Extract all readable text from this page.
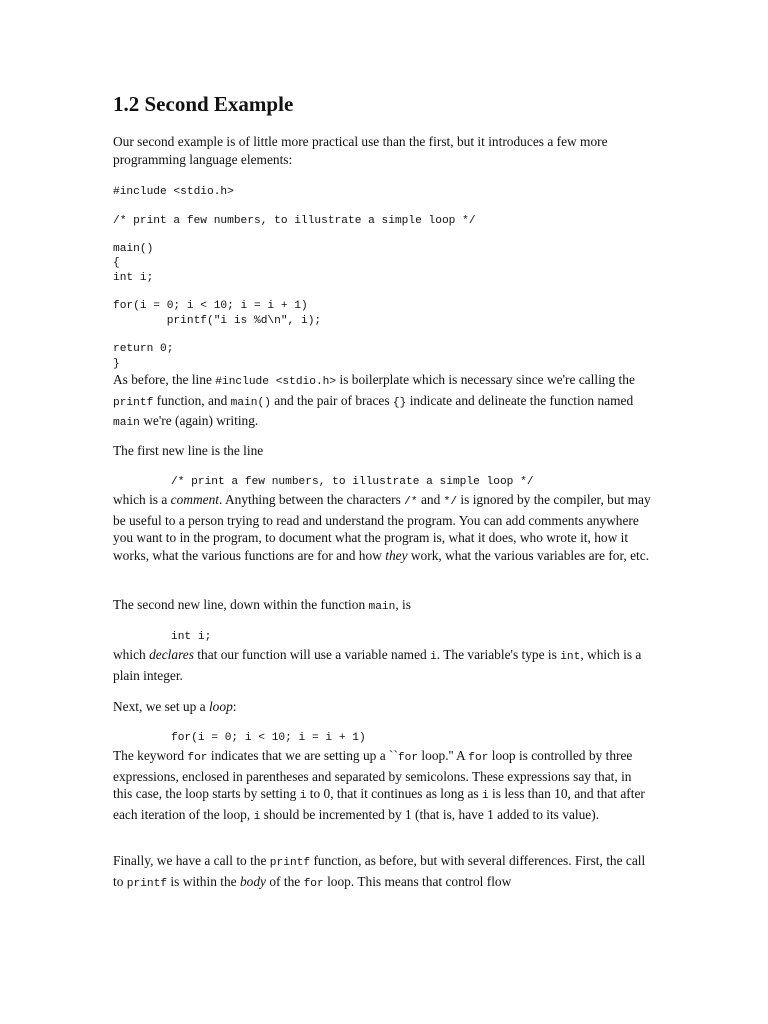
1.2 Second Example

Our second example is of little more practical use than the first, but it introduces a few more programming language elements:

#include <stdio.h>

/* print a few numbers, to illustrate a simple loop */

main()
{
int i;

for(i = 0; i < 10; i = i + 1)
printf("i is %d\n", i);

return 0;
}

As before, the line #include <stdio.h> is boilerplate which is necessary since we're calling the printf function, and main() and the pair of braces {} indicate and delineate the function named main we're (again) writing.

The first new line is the line

/* print a few numbers, to illustrate a simple loop */

which is a comment. Anything between the characters /* and */ is ignored by the compiler, but may be useful to a person trying to read and understand the program. You can add comments anywhere you want to in the program, to document what the program is, what it does, who wrote it, how it works, what the various functions are for and how they work, what the various variables are for, etc.

The second new line, down within the function main, is

int i;

which declares that our function will use a variable named i. The variable's type is int, which is a plain integer.

Next, we set up a loop:

for(i = 0; i < 10; i = i + 1)

The keyword for indicates that we are setting up a ``for loop.'' A for loop is controlled by three expressions, enclosed in parentheses and separated by semicolons. These expressions say that, in this case, the loop starts by setting i to 0, that it continues as long as i is less than 10, and that after each iteration of the loop, i should be incremented by 1 (that is, have 1 added to its value).

Finally, we have a call to the printf function, as before, but with several differences. First, the call to printf is within the body of the for loop. This means that control flow
